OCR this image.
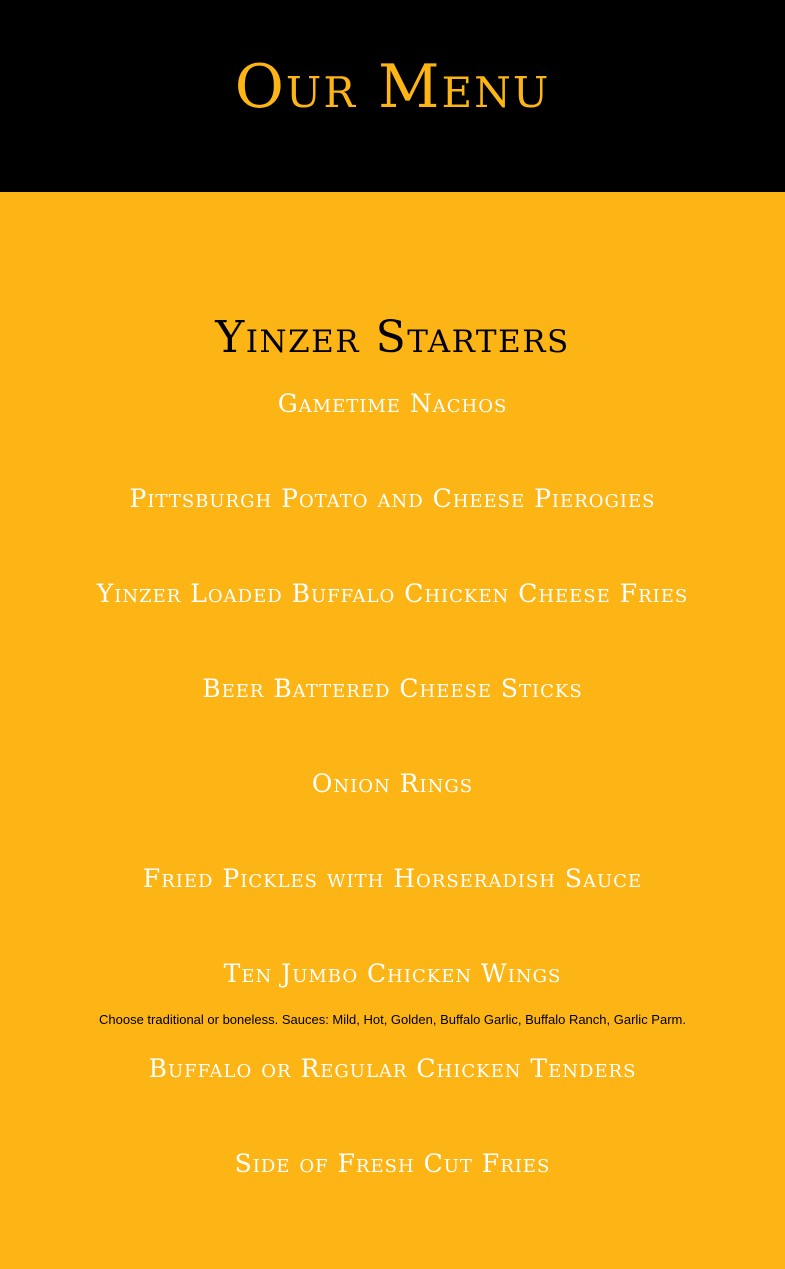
Our Menu
Yinzer Starters
Gametime Nachos
Pittsburgh Potato and Cheese Pierogies
Yinzer Loaded Buffalo Chicken Cheese Fries
Beer Battered Cheese Sticks
Onion Rings
Fried Pickles with Horseradish Sauce
Ten Jumbo Chicken Wings
Choose traditional or boneless. Sauces: Mild, Hot, Golden, Buffalo Garlic, Buffalo Ranch, Garlic Parm.
Buffalo or Regular Chicken Tenders
Side of Fresh Cut Fries
